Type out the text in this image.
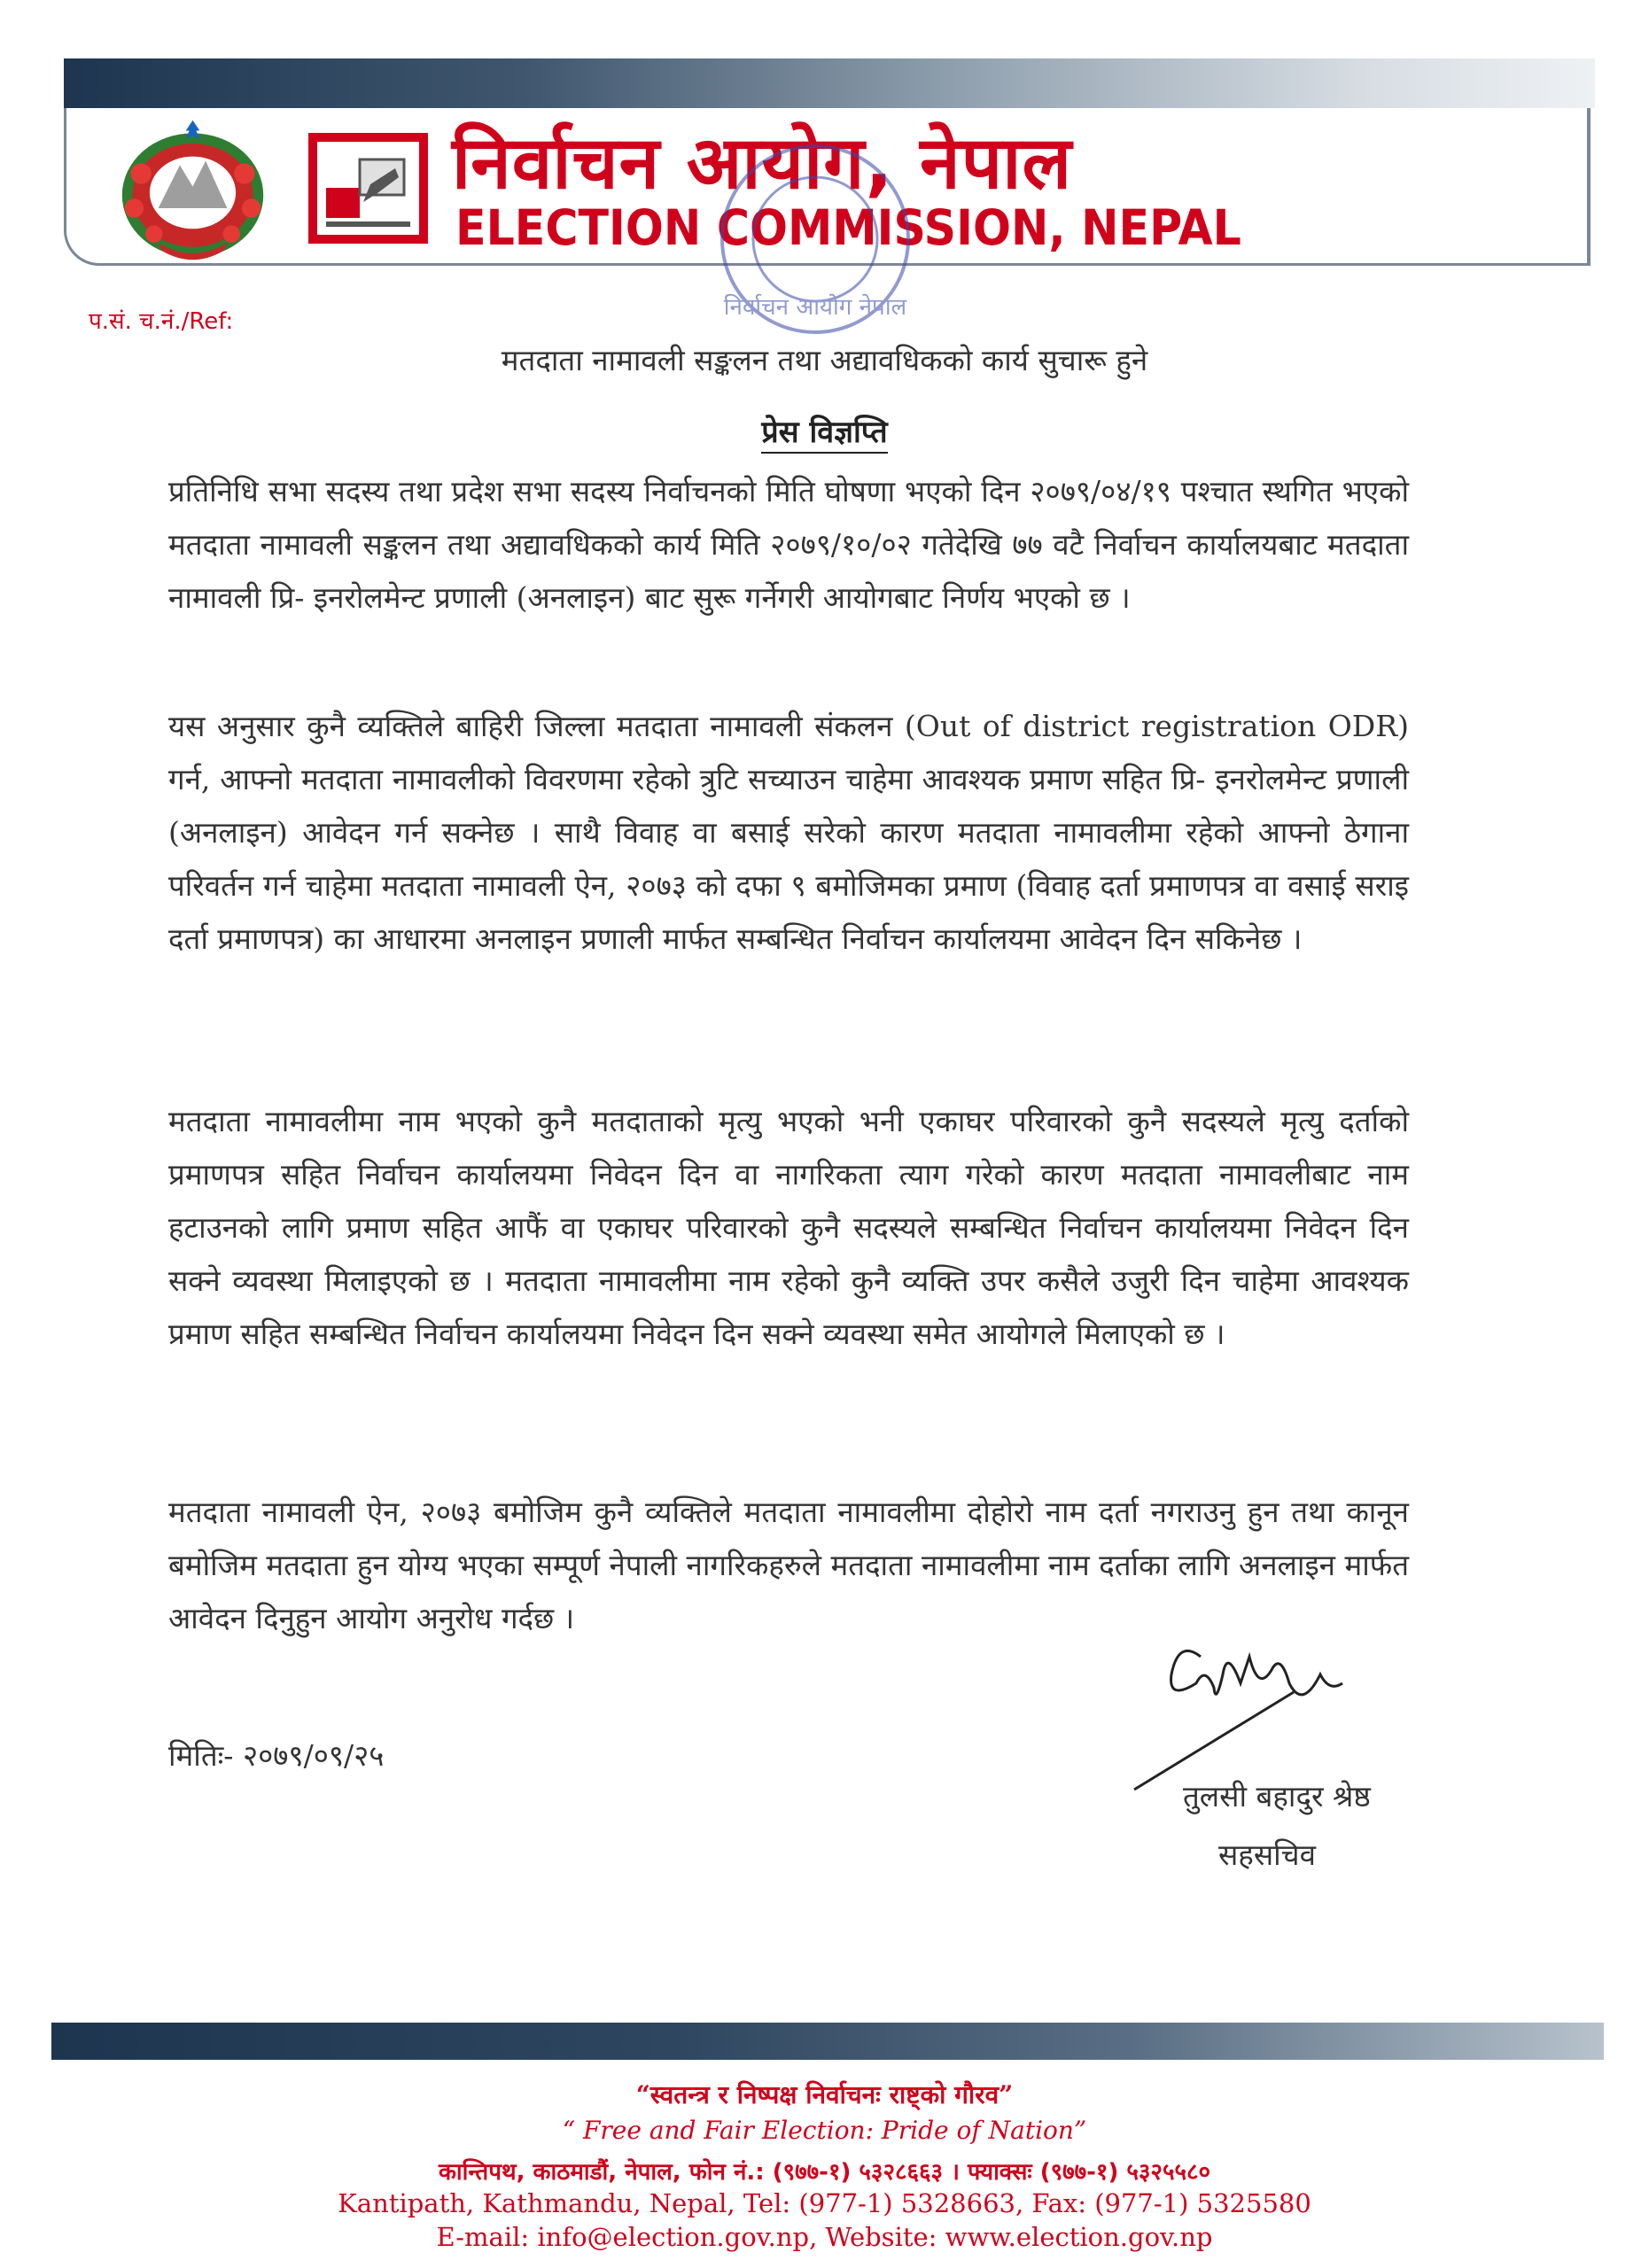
निर्वाचन आयोग, नेपाल
ELECTION COMMISSION, NEPAL
निर्वाचन आयोग नेपाल
प.सं. च.नं./Ref:
मतदाता नामावली सङ्कलन तथा अद्यावधिकको कार्य सुचारू हुने
प्रेस विज्ञप्ति
प्रतिनिधि सभा सदस्य तथा प्रदेश सभा सदस्य निर्वाचनको मिति घोषणा भएको दिन २०७९/०४/१९ पश्चात स्थगित भएको मतदाता नामावली सङ्कलन तथा अद्यावधिकको कार्य मिति २०७९/१०/०२ गतेदेखि ७७ वटै निर्वाचन कार्यालयबाट मतदाता नामावली प्रि- इनरोलमेन्ट प्रणाली (अनलाइन) बाट सुरू गर्नेगरी आयोगबाट निर्णय भएको छ ।
यस अनुसार कुनै व्यक्तिले बाहिरी जिल्ला मतदाता नामावली संकलन (Out of district registration ODR) गर्न, आफ्नो मतदाता नामावलीको विवरणमा रहेको त्रुटि सच्याउन चाहेमा आवश्यक प्रमाण सहित प्रि- इनरोलमेन्ट प्रणाली (अनलाइन) आवेदन गर्न सक्नेछ । साथै विवाह वा बसाई सरेको कारण मतदाता नामावलीमा रहेको आफ्नो ठेगाना परिवर्तन गर्न चाहेमा मतदाता नामावली ऐन, २०७३ को दफा ९ बमोजिमका प्रमाण (विवाह दर्ता प्रमाणपत्र वा वसाई सराइ दर्ता प्रमाणपत्र) का आधारमा अनलाइन प्रणाली मार्फत सम्बन्धित निर्वाचन कार्यालयमा आवेदन दिन सकिनेछ ।
मतदाता नामावलीमा नाम भएको कुनै मतदाताको मृत्यु भएको भनी एकाघर परिवारको कुनै सदस्यले मृत्यु दर्ताको प्रमाणपत्र सहित निर्वाचन कार्यालयमा निवेदन दिन वा नागरिकता त्याग गरेको कारण मतदाता नामावलीबाट नाम हटाउनको लागि प्रमाण सहित आफैं वा एकाघर परिवारको कुनै सदस्यले सम्बन्धित निर्वाचन कार्यालयमा निवेदन दिन सक्ने व्यवस्था मिलाइएको छ । मतदाता नामावलीमा नाम रहेको कुनै व्यक्ति उपर कसैले उजुरी दिन चाहेमा आवश्यक प्रमाण सहित सम्बन्धित निर्वाचन कार्यालयमा निवेदन दिन सक्ने व्यवस्था समेत आयोगले मिलाएको छ ।
मतदाता नामावली ऐन, २०७३ बमोजिम कुनै व्यक्तिले मतदाता नामावलीमा दोहोरो नाम दर्ता नगराउनु हुन तथा कानून बमोजिम मतदाता हुन योग्य भएका सम्पूर्ण नेपाली नागरिकहरुले मतदाता नामावलीमा नाम दर्ताका लागि अनलाइन मार्फत आवेदन दिनुहुन आयोग अनुरोध गर्दछ ।
मितिः- २०७९/०९/२५
तुलसी बहादुर श्रेष्ठ
सहसचिव
“स्वतन्त्र र निष्पक्ष निर्वाचनः राष्ट्को गौरव”
“ Free and Fair Election: Pride of Nation”
कान्तिपथ, काठमाडौं, नेपाल, फोन नं.: (९७७-१) ५३२८६६३ । फ्याक्सः (९७७-१) ५३२५५८०
Kantipath, Kathmandu, Nepal, Tel: (977-1) 5328663, Fax: (977-1) 5325580
E-mail: info@election.gov.np, Website: www.election.gov.np
